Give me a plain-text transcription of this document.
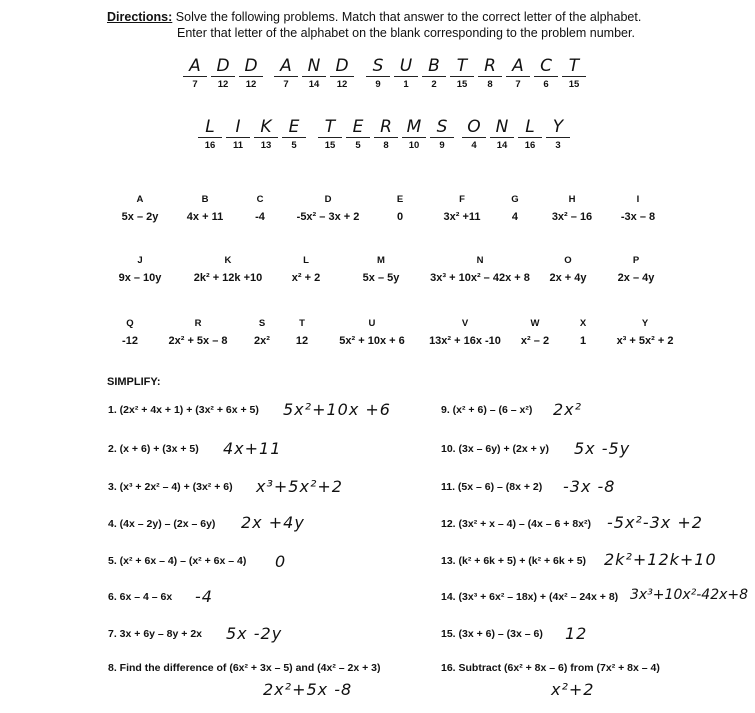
Directions: Solve the following problems. Match that answer to the correct letter of the alphabet.
Enter that letter of the alphabet on the blank corresponding to the problem number.
A
7
D
12
D
12
A
7
N
14
D
12
S
9
U
1
B
2
T
15
R
8
A
7
C
6
T
15
L
16
I
11
K
13
E
5
T
15
E
5
R
8
M
10
S
9
O
4
N
14
L
16
Y
3
A
5x – 2y
B
4x + 11
C
-4
D
-5x² – 3x + 2
E
0
F
3x² +11
G
4
H
3x² – 16
I
-3x – 8
J
9x – 10y
K
2k² + 12k +10
L
x² + 2
M
5x – 5y
N
3x³ + 10x² – 42x + 8
O
2x + 4y
P
2x – 4y
Q
-12
R
2x² + 5x – 8
S
2x²
T
12
U
5x² + 10x + 6
V
13x² + 16x -10
W
x² – 2
X
1
Y
x³ + 5x² + 2
SIMPLIFY:
1. (2x² + 4x + 1) + (3x² + 6x + 5) 5x²+10x +6
2. (x + 6) + (3x + 5) 4x+11
3. (x³ + 2x² – 4) + (3x² + 6) x³+5x²+2
4. (4x – 2y) – (2x – 6y) 2x +4y
5. (x² + 6x – 4) – (x² + 6x – 4) 0
6. 6x – 4 – 6x -4
7. 3x + 6y – 8y + 2x 5x -2y
8. Find the difference of (6x² + 3x – 5) and (4x² – 2x + 3)
2x²+5x -8
9. (x² + 6) – (6 – x²) 2x²
10. (3x – 6y) + (2x + y) 5x -5y
11. (5x – 6) – (8x + 2) -3x -8
12. (3x² + x – 4) – (4x – 6 + 8x²) -5x²-3x +2
13. (k² + 6k + 5) + (k² + 6k + 5) 2k²+12k+10
14. (3x³ + 6x² – 18x) + (4x² – 24x + 8) 3x³+10x²-42x+8
15. (3x + 6) – (3x – 6) 12
16. Subtract (6x² + 8x – 6) from (7x² + 8x – 4)
x²+2
